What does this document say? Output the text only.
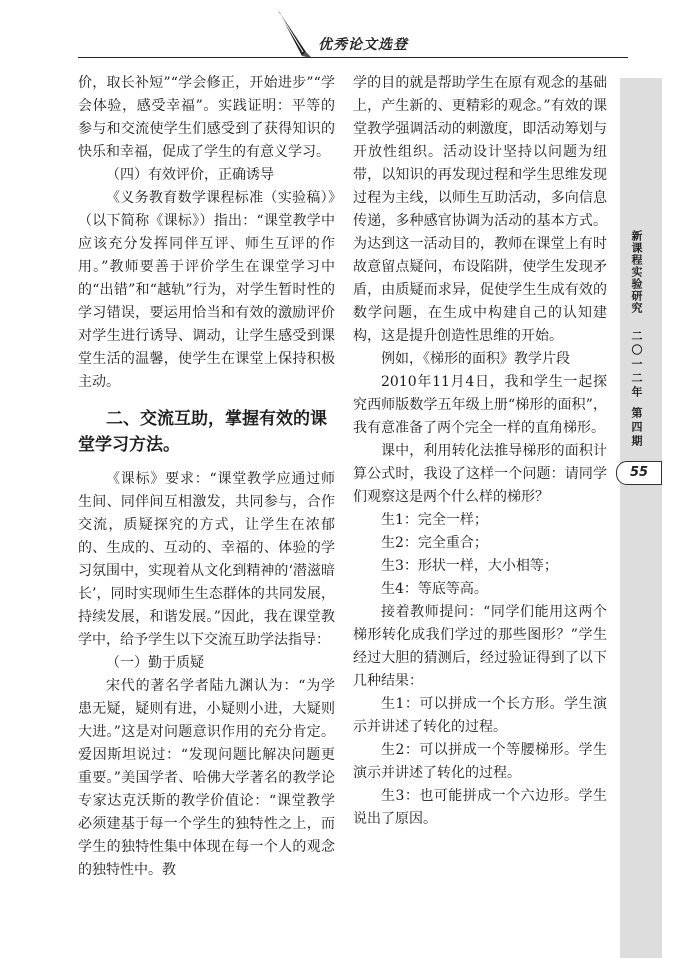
优秀论文选登

价，取长补短”“学会修正，开始进步”“学会体验，感受幸福”。实践证明：平等的参与和交流使学生们感受到了获得知识的快乐和幸福，促成了学生的有意义学习。

（四）有效评价，正确诱导

《义务教育数学课程标准（实验稿）》（以下简称《课标》）指出：“课堂教学中应该充分发挥同伴互评、师生互评的作用。”教师要善于评价学生在课堂学习中的“出错”和“越轨”行为，对学生暂时性的学习错误，要运用恰当和有效的激励评价对学生进行诱导、调动，让学生感受到课堂生活的温馨，使学生在课堂上保持积极主动。

二、交流互助，掌握有效的课堂学习方法。

《课标》要求：“课堂教学应通过师生间、同伴间互相激发，共同参与，合作交流，质疑探究的方式，让学生在浓郁的、生成的、互动的、幸福的、体验的学习氛围中，实现着从文化到精神的‘潜滋暗长’，同时实现师生生态群体的共同发展，持续发展，和谐发展。”因此，我在课堂教学中，给予学生以下交流互助学法指导：

（一）勤于质疑

宋代的著名学者陆九渊认为：“为学患无疑，疑则有进，小疑则小进，大疑则大进。”这是对问题意识作用的充分肯定。爱因斯坦说过：“发现问题比解决问题更重要。”美国学者、哈佛大学著名的教学论专家达克沃斯的教学价值论：“课堂教学必须建基于每一个学生的独特性之上，而学生的独特性集中体现在每一个人的观念的独特性中。教

学的目的就是帮助学生在原有观念的基础上，产生新的、更精彩的观念。”有效的课堂教学强调活动的刺激度，即活动筹划与开放性组织。活动设计坚持以问题为纽带，以知识的再发现过程和学生思维发现过程为主线，以师生互助活动，多向信息传递，多种感官协调为活动的基本方式。为达到这一活动目的，教师在课堂上有时故意留点疑问，布设陷阱，使学生发现矛盾，由质疑而求异，促使学生生成有效的数学问题，在生成中构建自己的认知建构，这是提升创造性思维的开始。

例如，《梯形的面积》教学片段

2010年11月4日，我和学生一起探究西师版数学五年级上册“梯形的面积”，我有意准备了两个完全一样的直角梯形。

课中，利用转化法推导梯形的面积计算公式时，我设了这样一个问题：请同学们观察这是两个什么样的梯形？

生1：完全一样；

生2：完全重合；

生3：形状一样，大小相等；

生4：等底等高。

接着教师提问：“同学们能用这两个梯形转化成我们学过的那些图形？”学生经过大胆的猜测后，经过验证得到了以下几种结果：

生1：可以拼成一个长方形。学生演示并讲述了转化的过程。

生2：可以拼成一个等腰梯形。学生演示并讲述了转化的过程。

生3：也可能拼成一个六边形。学生说出了原因。

新课程实验研究
二〇一二年 第四期
55
